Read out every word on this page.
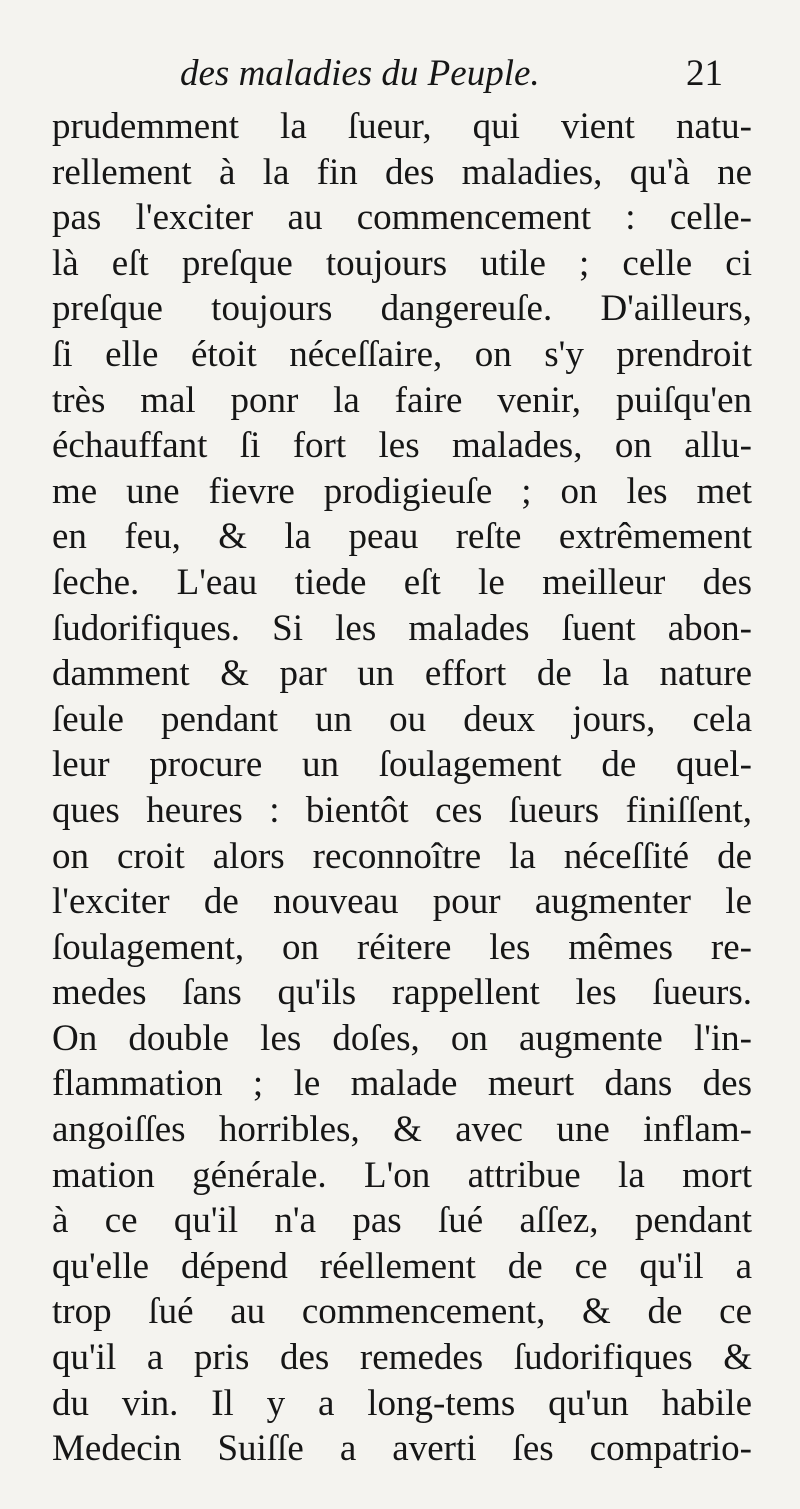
des maladies du Peuple.	21
prudemment la ſueur, qui vient natu-
rellement à la fin des maladies, qu'à ne
pas l'exciter au commencement : celle-
là eſt preſque toujours utile ; celle ci
preſque toujours dangereuſe. D'ailleurs,
ſi elle étoit néceſſaire, on s'y prendroit
très mal ponr la faire venir, puiſqu'en
échauffant ſi fort les malades, on allu-
me une fievre prodigieuſe ; on les met
en feu, & la peau reſte extrêmement
ſeche. L'eau tiede eſt le meilleur des
ſudorifiques. Si les malades ſuent abon-
damment & par un effort de la nature
ſeule pendant un ou deux jours, cela
leur procure un ſoulagement de quel-
ques heures : bientôt ces ſueurs finiſſent,
on croit alors reconnoître la néceſſité de
l'exciter de nouveau pour augmenter le
ſoulagement, on réitere les mêmes re-
medes ſans qu'ils rappellent les ſueurs.
On double les doſes, on augmente l'in-
flammation ; le malade meurt dans des
angoiſſes horribles, & avec une inflam-
mation générale. L'on attribue la mort
à ce qu'il n'a pas ſué aſſez, pendant
qu'elle dépend réellement de ce qu'il a
trop ſué au commencement, & de ce
qu'il a pris des remedes ſudorifiques &
du vin. Il y a long-tems qu'un habile
Medecin Suiſſe a averti ſes compatrio-
